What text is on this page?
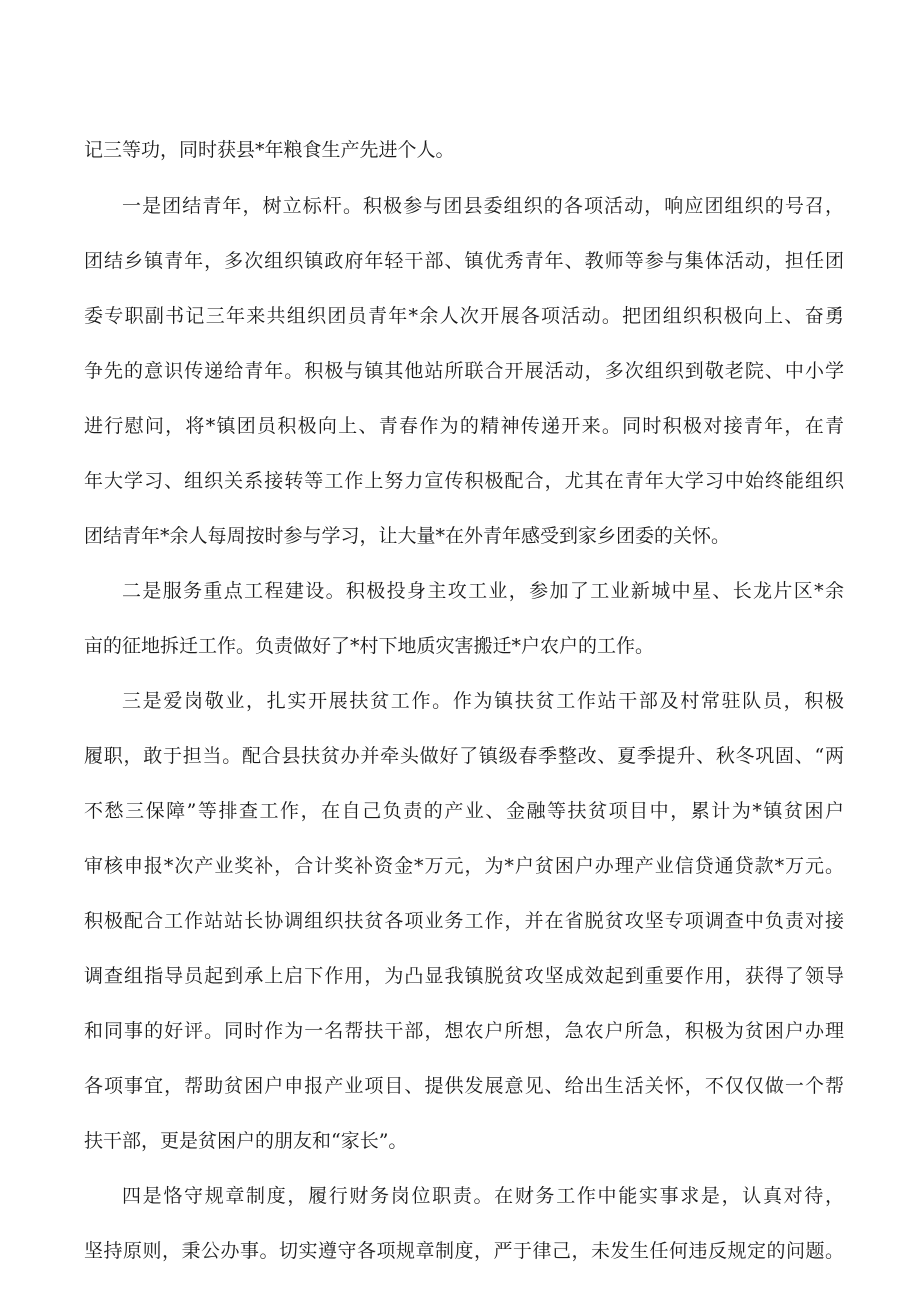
记三等功，同时获县*年粮食生产先进个人。
一是团结青年，树立标杆。积极参与团县委组织的各项活动，响应团组织的号召，
团结乡镇青年，多次组织镇政府年轻干部、镇优秀青年、教师等参与集体活动，担任团
委专职副书记三年来共组织团员青年*余人次开展各项活动。把团组织积极向上、奋勇
争先的意识传递给青年。积极与镇其他站所联合开展活动，多次组织到敬老院、中小学
进行慰问，将*镇团员积极向上、青春作为的精神传递开来。同时积极对接青年，在青
年大学习、组织关系接转等工作上努力宣传积极配合，尤其在青年大学习中始终能组织
团结青年*余人每周按时参与学习，让大量*在外青年感受到家乡团委的关怀。
二是服务重点工程建设。积极投身主攻工业，参加了工业新城中星、长龙片区*余
亩的征地拆迁工作。负责做好了*村下地质灾害搬迁*户农户的工作。
三是爱岗敬业，扎实开展扶贫工作。作为镇扶贫工作站干部及村常驻队员，积极
履职，敢于担当。配合县扶贫办并牵头做好了镇级春季整改、夏季提升、秋冬巩固、“两
不愁三保障”等排查工作，在自己负责的产业、金融等扶贫项目中，累计为*镇贫困户
审核申报*次产业奖补，合计奖补资金*万元，为*户贫困户办理产业信贷通贷款*万元。
积极配合工作站站长协调组织扶贫各项业务工作，并在省脱贫攻坚专项调查中负责对接
调查组指导员起到承上启下作用，为凸显我镇脱贫攻坚成效起到重要作用，获得了领导
和同事的好评。同时作为一名帮扶干部，想农户所想，急农户所急，积极为贫困户办理
各项事宜，帮助贫困户申报产业项目、提供发展意见、给出生活关怀，不仅仅做一个帮
扶干部，更是贫困户的朋友和“家长”。
四是恪守规章制度，履行财务岗位职责。在财务工作中能实事求是，认真对待，
坚持原则，秉公办事。切实遵守各项规章制度，严于律己，未发生任何违反规定的问题。
